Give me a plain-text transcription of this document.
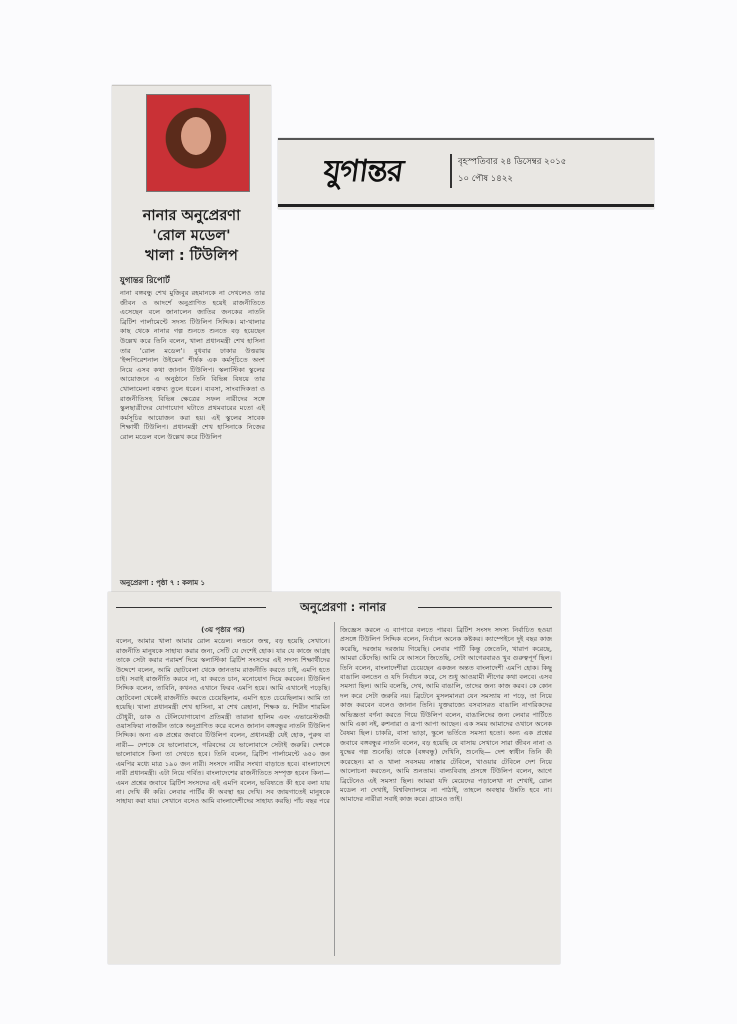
নানার অনুপ্রেরণা
'রোল মডেল'
খালা : টিউলিপ
যুগান্তর রিপোর্ট
নানা বঙ্গবন্ধু শেখ মুজিবুর রহমানকে না দেখলেও তার জীবন ও আদর্শে অনুপ্রাণিত হয়েই রাজনীতিতে এসেছেন বলে জানালেন জাতির জনকের নাতনি ব্রিটিশ পার্লামেন্টে সদস্য টিউলিপ সিদ্দিক। মা-খালার কাছ থেকে নানার গল্প শুনতে শুনতে বড় হয়েছেন উল্লেখ করে তিনি বলেন, খালা প্রধানমন্ত্রী শেখ হাসিনা তার 'রোল মডেল'। বুধবার ঢাকার উত্তরায় 'ইন্সপিরেশনাল উইমেন' শীর্ষক এক কর্মসূচিতে অংশ নিয়ে এসব কথা জানান টিউলিপ। স্কলাস্টিকা স্কুলের আয়োজনে এ অনুষ্ঠানে তিনি বিভিন্ন বিষয়ে তার খোলামেলা বক্তব্য তুলে ধরেন। ব্যবসা, সাংবাদিকতা ও রাজনীতিসহ বিভিন্ন ক্ষেত্রের সফল নারীদের সঙ্গে স্কুলছাত্রীদের যোগাযোগ ঘটাতে প্রথমবারের মতো এই কর্মসূচির আয়োজন করা হয়। এই স্কুলের সাবেক শিক্ষার্থী টিউলিপ। প্রধানমন্ত্রী শেখ হাসিনাকে নিজের রোল মডেল বলে উল্লেখ করে টিউলিপ
অনুপ্রেরণা : পৃষ্ঠা ৭ : কলাম ১
যুগান্তর	বৃহস্পতিবার ২৪ ডিসেম্বর ২০১৫
১০ পৌষ ১৪২২
অনুপ্রেরণা : নানার
(৩য় পৃষ্ঠার পর)
বলেন, আমার খালা আমার রোল মডেল। লন্ডনে জন্ম, বড় হয়েছি সেখানে। রাজনীতি মানুষকে সাহায্য করার জন্য, সেটি যে দেশেই হোক। যার যে কাজে আগ্রহ তাকে সেটা করার পরামর্শ দিয়ে স্কলাস্টিকা ব্রিটিশ সংসদের এই সদস্য শিক্ষার্থীদের উদ্দেশে বলেন, আমি ছোটবেলা থেকে জানতাম রাজনীতি করতে চাই, এমপি হতে চাই। সবাই রাজনীতি করবে না, যা করতে চান, মনোযোগ দিয়ে করবেন। টিউলিপ সিদ্দিক বলেন, তাবিনি, কখনও এখানে ফিরব এমপি হয়ে। আমি এখানেই পড়েছি। ছোটবেলা থেকেই রাজনীতি করতে চেয়েছিলাম, এমপি হতে চেয়েছিলাম। আমি তা হয়েছি। খালা প্রধানমন্ত্রী শেখ হাসিনা, মা শেখ রেহানা, শিক্ষক ড. শিরীন শারমিন চৌধুরী, ডাক ও টেলিযোগাযোগ প্রতিমন্ত্রী তারানা হালিম এবং এভারেস্টজয়ী ওয়াসফিয়া নাজরীন তাকে অনুপ্রাণিত করে বলেও জানান বঙ্গবন্ধুর নাতনি টিউলিপ সিদ্দিক। অন্য এক প্রশ্নের জবাবে টিউলিপ বলেন, প্রধানমন্ত্রী যেই হোক, পুরুষ বা নারী— দেশকে যে ভালোবাসে, গরিবদের যে ভালোবাসে সেটাই জরুরি। দেশকে ভালোবাসে কিনা তা দেখতে হবে। তিনি বলেন, ব্রিটিশ পার্লামেন্টে ৬৫০ জন এমপির মধ্যে মাত্র ১৯০ জন নারী। সংসদে নারীর সংখ্যা বাড়াতে হবে। বাংলাদেশে নারী প্রধানমন্ত্রী। এটা নিয়ে গর্বিত। বাংলাদেশের রাজনীতিতে সম্পৃক্ত হবেন কিনা— এমন প্রশ্নের জবাবে ব্রিটিশ সংসদের এই এমপি বলেন, ভবিষ্যতে কী হবে বলা যায় না। দেখি কী করি। লেবার পার্টির কী অবস্থা হয় দেখি। সব জায়গাতেই মানুষকে সাহায্য করা যায়। সেখানে বসেও আমি বাংলাদেশীদের সাহায্য করছি। পাঁচ বছর পরে
জিজ্ঞেস করলে এ ব্যাপারে বলতে পারব। ব্রিটিশ সংসদ সদস্য নির্বাচিত হওয়া প্রসঙ্গে টিউলিপ সিদ্দিক বলেন, নির্বাচন অনেক কষ্টকর। ক্যাম্পেইনে দুই বছর কাজ করেছি, দরজায় দরজায় গিয়েছি। লেবার পার্টি কিন্তু জেতেনি, খারাপ করেছে, আমরা কেঁদেছি। আমি যে আসনে জিতেছি, সেটা আগেরবারও খুব গুরুত্বপূর্ণ ছিল। তিনি বলেন, বাংলাদেশীরা চেয়েছেন একজন অন্তত বাংলাদেশী এমপি হোক। কিছু বাঙালি বলতেন ও যদি নির্বাচন করে, সে শুধু আওয়ামী লীগের কথা বলবে। এসব সমস্যা ছিল। আমি বলেছি, দেখ, আমি বাঙালি, তাদের জন্য কাজ করব। কে কোন দল করে সেটা জরুরি নয়। ব্রিটেনে মুসলমানরা যেন সমস্যায় না পড়ে, তা নিয়ে কাজ করবেন বলেও জানান তিনি। যুক্তরাজ্যে বসবাসরত বাঙালি নাগরিকদের অভিজ্ঞতা বর্ণনা করতে গিয়ে টিউলিপ বলেন, বাঙালিদের জন্য লেবার পার্টিতে আমি একা নই, রুশনারা ও রূপা আপা আছেন। এক সময় আমাদের ওখানে অনেক বৈষম্য ছিল। চাকরি, বাসা ভাড়া, স্কুলে ভর্তিতে সমস্যা হতো। অন্য এক প্রশ্নের জবাবে বঙ্গবন্ধুর নাতনি বলেন, বড় হয়েছি যে বাসায় সেখানে সারা জীবন নানা ও যুদ্ধের গল্প শুনেছি। তাকে (বঙ্গবন্ধু) দেখিনি, শুনেছি— দেশ স্বাধীন তিনি কী করেছেন। মা ও খালা সবসময় নাস্তার টেবিলে, খাওয়ার টেবিলে দেশ নিয়ে আলোচনা করতেন, আমি শুনতাম। বাল্যবিবাহ প্রসঙ্গে টিউলিপ বলেন, আগে ব্রিটেনেও এই সমস্যা ছিল। আমরা যদি মেয়েদের পড়ালেখা না শেখাই, রোল মডেল না দেখাই, বিশ্ববিদ্যালয়ে না পাঠাই, তাহলে অবস্থার উন্নতি হবে না। আমাদের নারীরা সবাই কাজ করে। গ্রামেও তাই।
